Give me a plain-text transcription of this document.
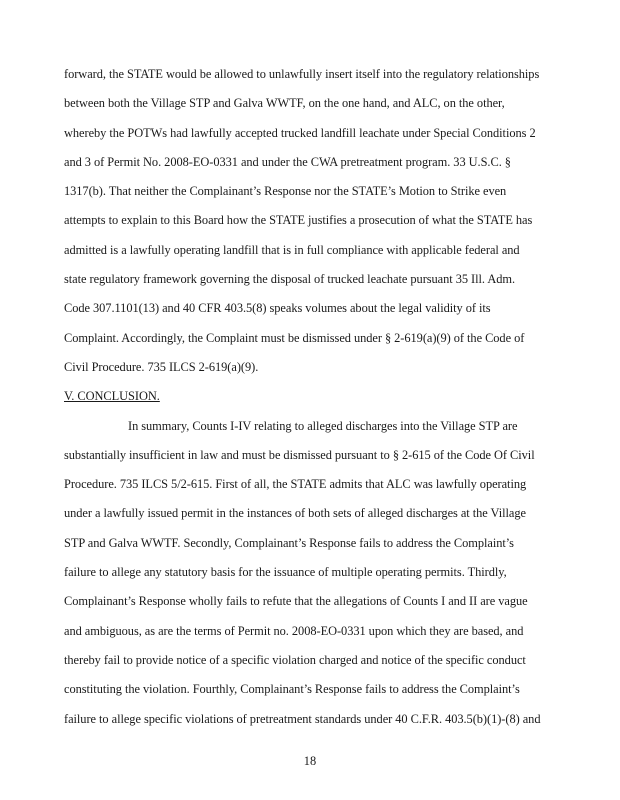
forward, the STATE would be allowed to unlawfully insert itself into the regulatory relationships
between both the Village STP and Galva WWTF, on the one hand, and ALC, on the other,
whereby the POTWs had lawfully accepted trucked landfill leachate under Special Conditions 2
and 3 of Permit No. 2008-EO-0331 and under the CWA pretreatment program. 33 U.S.C. §
1317(b). That neither the Complainant’s Response nor the STATE’s Motion to Strike even
attempts to explain to this Board how the STATE justifies a prosecution of what the STATE has
admitted is a lawfully operating landfill that is in full compliance with applicable federal and
state regulatory framework governing the disposal of trucked leachate pursuant 35 Ill. Adm.
Code 307.1101(13) and 40 CFR 403.5(8) speaks volumes about the legal validity of its
Complaint. Accordingly, the Complaint must be dismissed under § 2-619(a)(9) of the Code of
Civil Procedure. 735 ILCS 2-619(a)(9).
V. CONCLUSION.
In summary, Counts I-IV relating to alleged discharges into the Village STP are
substantially insufficient in law and must be dismissed pursuant to § 2-615 of the Code Of Civil
Procedure. 735 ILCS 5/2-615. First of all, the STATE admits that ALC was lawfully operating
under a lawfully issued permit in the instances of both sets of alleged discharges at the Village
STP and Galva WWTF. Secondly, Complainant’s Response fails to address the Complaint’s
failure to allege any statutory basis for the issuance of multiple operating permits. Thirdly,
Complainant’s Response wholly fails to refute that the allegations of Counts I and II are vague
and ambiguous, as are the terms of Permit no. 2008-EO-0331 upon which they are based, and
thereby fail to provide notice of a specific violation charged and notice of the specific conduct
constituting the violation. Fourthly, Complainant’s Response fails to address the Complaint’s
failure to allege specific violations of pretreatment standards under 40 C.F.R. 403.5(b)(1)-(8) and
18
